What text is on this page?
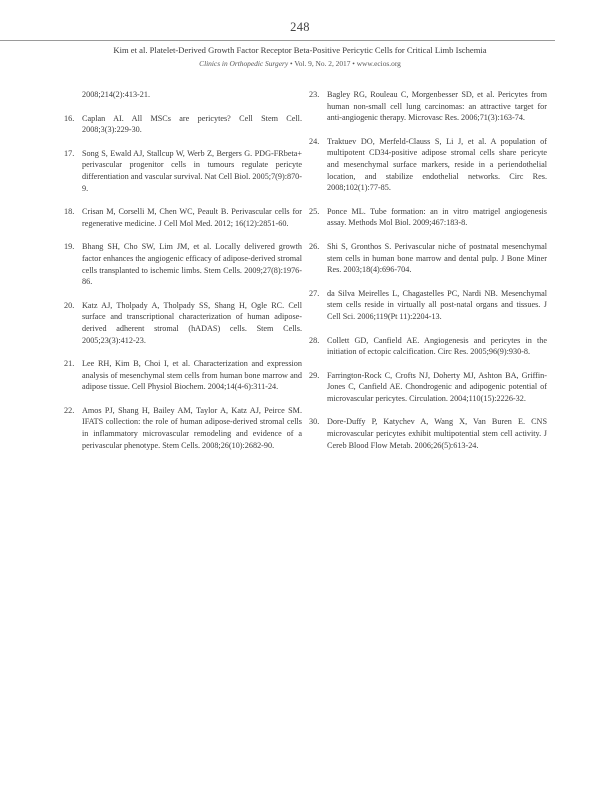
248
Kim et al. Platelet-Derived Growth Factor Receptor Beta-Positive Pericytic Cells for Critical Limb Ischemia
Clinics in Orthopedic Surgery • Vol. 9, No. 2, 2017 • www.ecios.org
2008;214(2):413-21.
16. Caplan AI. All MSCs are pericytes? Cell Stem Cell. 2008;3(3):229-30.
17. Song S, Ewald AJ, Stallcup W, Werb Z, Bergers G. PDG-FRbeta+ perivascular progenitor cells in tumours regulate pericyte differentiation and vascular survival. Nat Cell Biol. 2005;7(9):870-9.
18. Crisan M, Corselli M, Chen WC, Peault B. Perivascular cells for regenerative medicine. J Cell Mol Med. 2012; 16(12):2851-60.
19. Bhang SH, Cho SW, Lim JM, et al. Locally delivered growth factor enhances the angiogenic efficacy of adipose-derived stromal cells transplanted to ischemic limbs. Stem Cells. 2009;27(8):1976-86.
20. Katz AJ, Tholpady A, Tholpady SS, Shang H, Ogle RC. Cell surface and transcriptional characterization of human adipose-derived adherent stromal (hADAS) cells. Stem Cells. 2005;23(3):412-23.
21. Lee RH, Kim B, Choi I, et al. Characterization and expression analysis of mesenchymal stem cells from human bone marrow and adipose tissue. Cell Physiol Biochem. 2004;14(4-6):311-24.
22. Amos PJ, Shang H, Bailey AM, Taylor A, Katz AJ, Peirce SM. IFATS collection: the role of human adipose-derived stromal cells in inflammatory microvascular remodeling and evidence of a perivascular phenotype. Stem Cells. 2008;26(10):2682-90.
23. Bagley RG, Rouleau C, Morgenbesser SD, et al. Pericytes from human non-small cell lung carcinomas: an attractive target for anti-angiogenic therapy. Microvasc Res. 2006;71(3):163-74.
24. Traktuev DO, Merfeld-Clauss S, Li J, et al. A population of multipotent CD34-positive adipose stromal cells share pericyte and mesenchymal surface markers, reside in a periendothelial location, and stabilize endothelial networks. Circ Res. 2008;102(1):77-85.
25. Ponce ML. Tube formation: an in vitro matrigel angiogenesis assay. Methods Mol Biol. 2009;467:183-8.
26. Shi S, Gronthos S. Perivascular niche of postnatal mesenchymal stem cells in human bone marrow and dental pulp. J Bone Miner Res. 2003;18(4):696-704.
27. da Silva Meirelles L, Chagastelles PC, Nardi NB. Mesenchymal stem cells reside in virtually all post-natal organs and tissues. J Cell Sci. 2006;119(Pt 11):2204-13.
28. Collett GD, Canfield AE. Angiogenesis and pericytes in the initiation of ectopic calcification. Circ Res. 2005;96(9):930-8.
29. Farrington-Rock C, Crofts NJ, Doherty MJ, Ashton BA, Griffin-Jones C, Canfield AE. Chondrogenic and adipogenic potential of microvascular pericytes. Circulation. 2004;110(15):2226-32.
30. Dore-Duffy P, Katychev A, Wang X, Van Buren E. CNS microvascular pericytes exhibit multipotential stem cell activity. J Cereb Blood Flow Metab. 2006;26(5):613-24.
